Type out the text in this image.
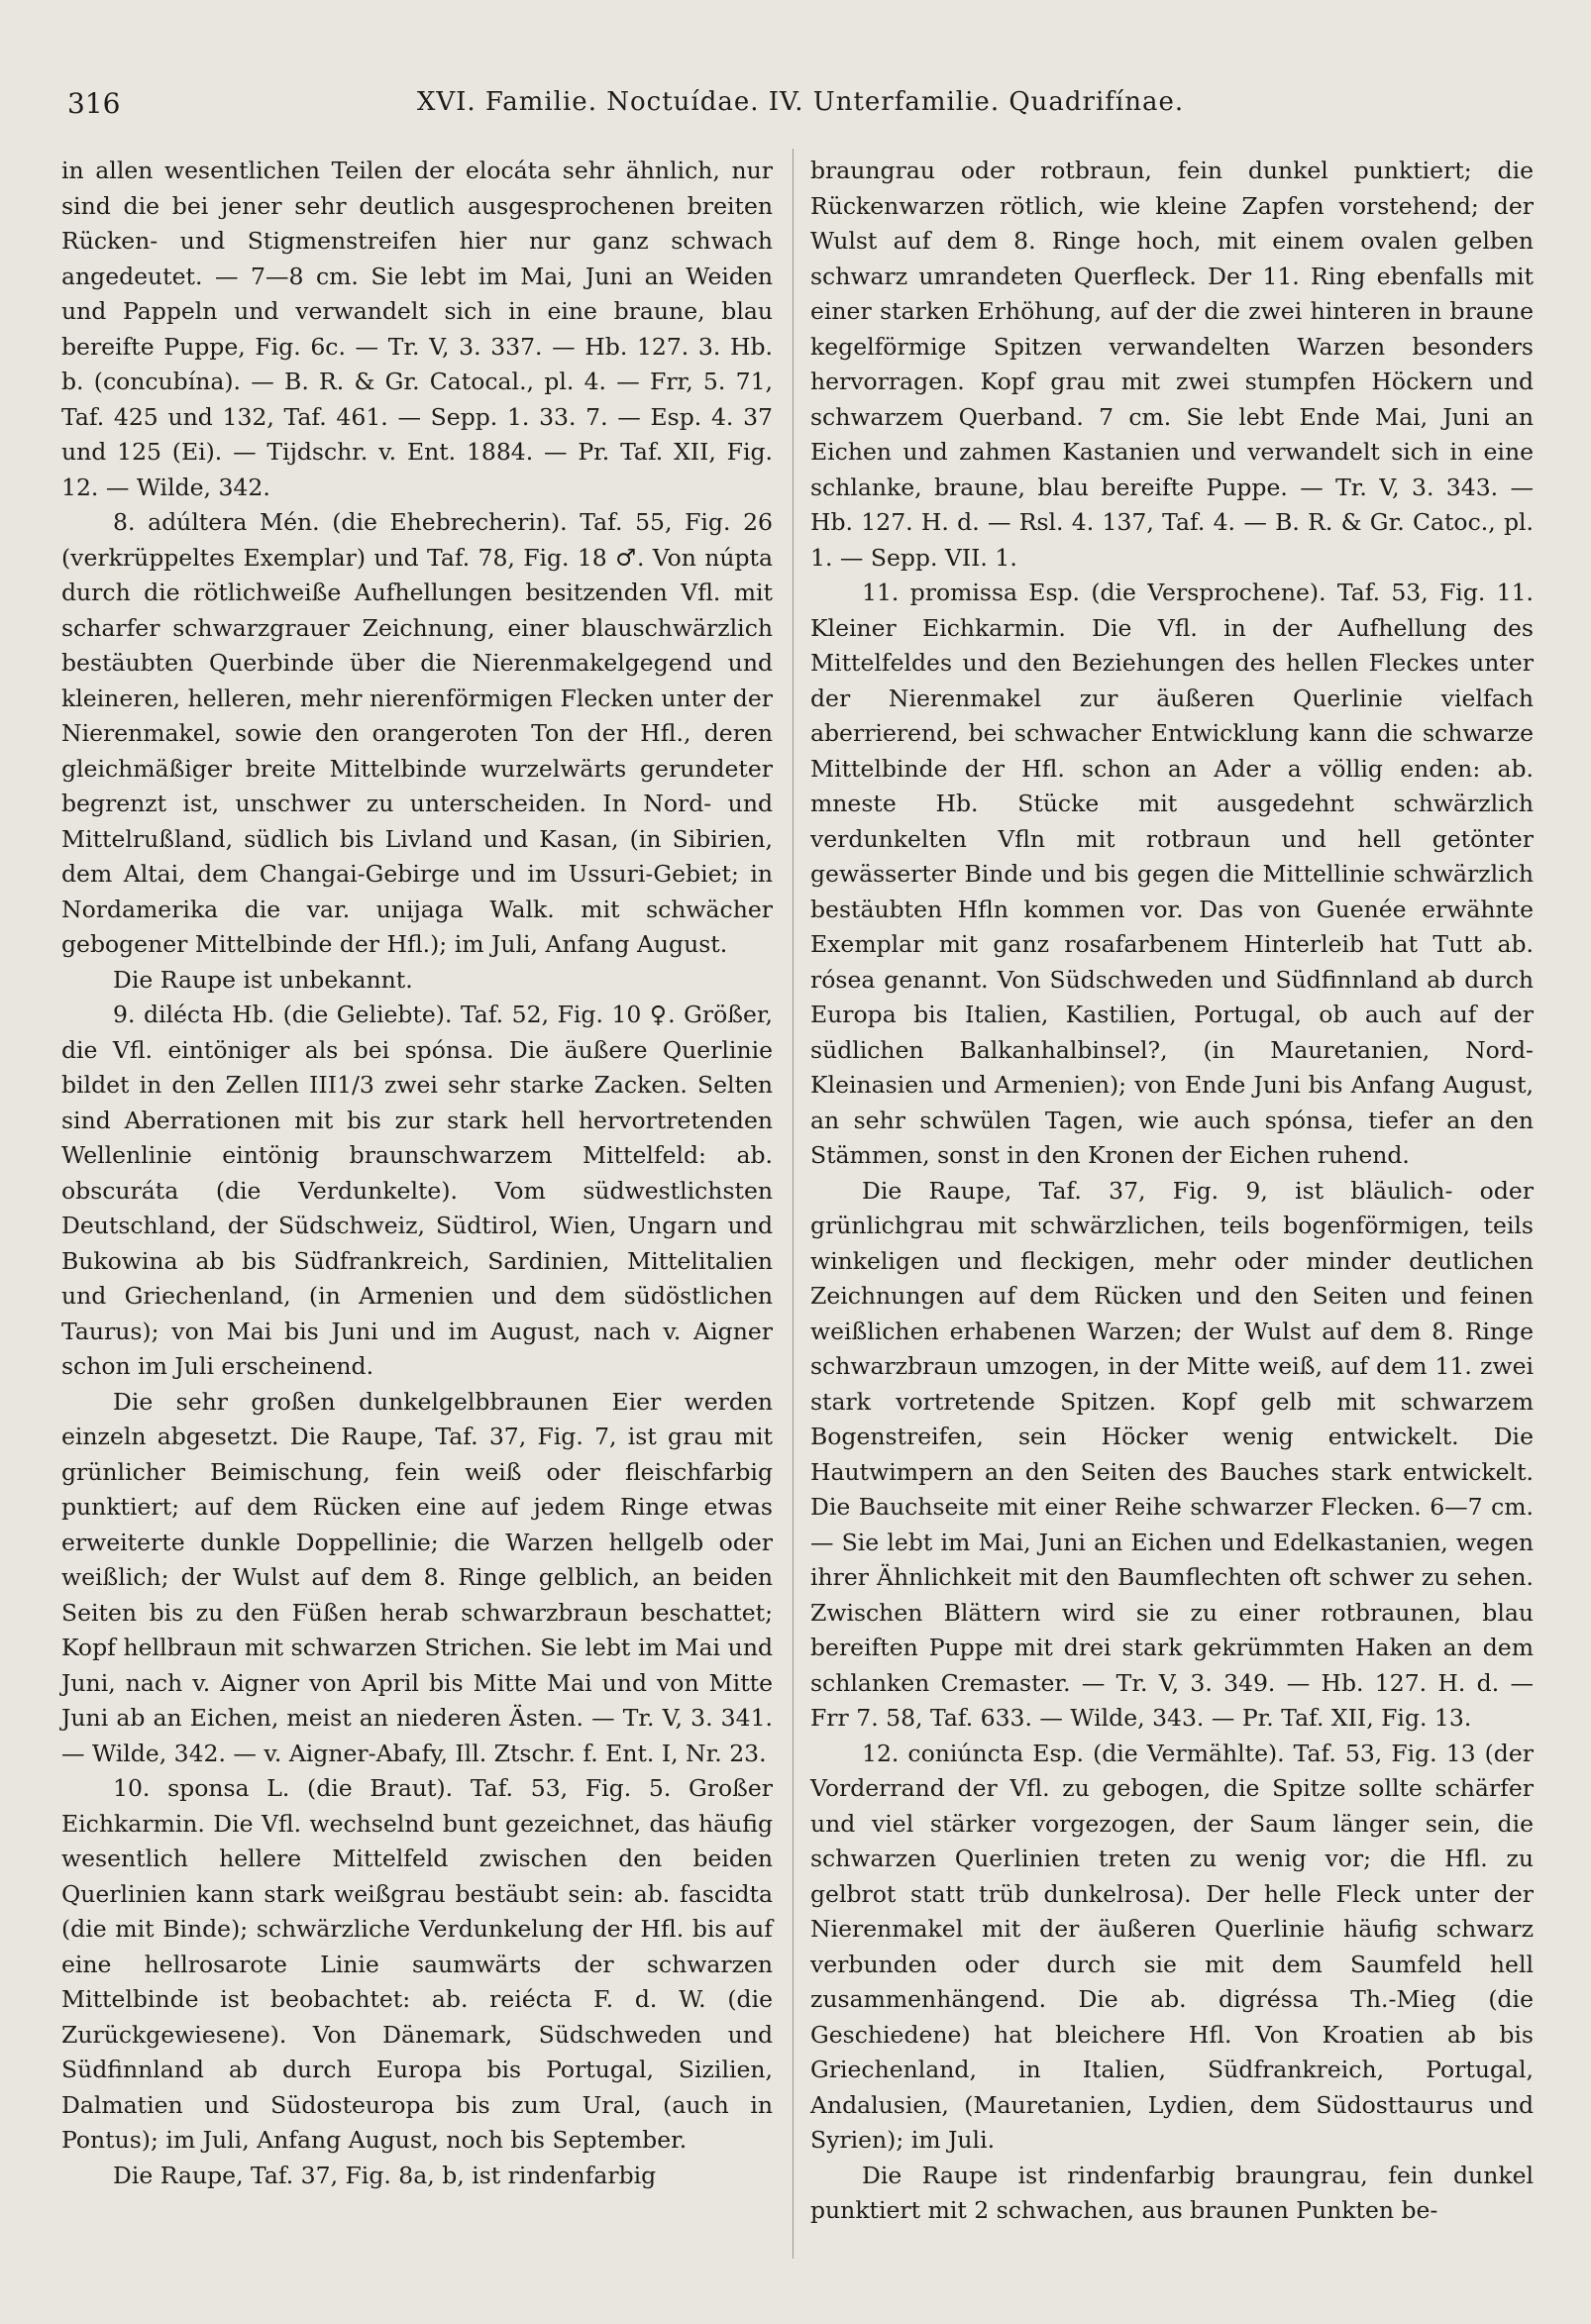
316	XVI. Familie. Noctuídae. IV. Unterfamilie. Quadrifínae.

in allen wesentlichen Teilen der elocáta sehr ähnlich, nur sind die bei jener sehr deutlich ausgesprochenen breiten Rücken- und Stigmenstreifen hier nur ganz schwach angedeutet. — 7—8 cm. Sie lebt im Mai, Juni an Weiden und Pappeln und verwandelt sich in eine braune, blau bereifte Puppe, Fig. 6c. — Tr. V, 3. 337. — Hb. 127. 3. Hb. b. (concubína). — B. R. & Gr. Catocal., pl. 4. — Frr, 5. 71, Taf. 425 und 132, Taf. 461. — Sepp. 1. 33. 7. — Esp. 4. 37 und 125 (Ei). — Tijdschr. v. Ent. 1884. — Pr. Taf. XII, Fig. 12. — Wilde, 342.

8. adúltera Mén. (die Ehebrecherin). Taf. 55, Fig. 26 (verkrüppeltes Exemplar) und Taf. 78, Fig. 18 ♂. Von núpta durch die rötlichweiße Aufhellungen besitzenden Vfl. mit scharfer schwarzgrauer Zeichnung, einer blauschwärzlich bestäubten Querbinde über die Nierenmakelgegend und kleineren, helleren, mehr nierenförmigen Flecken unter der Nierenmakel, sowie den orangeroten Ton der Hfl., deren gleichmäßiger breite Mittelbinde wurzelwärts gerundeter begrenzt ist, unschwer zu unterscheiden. In Nord- und Mittelrußland, südlich bis Livland und Kasan, (in Sibirien, dem Altai, dem Changai-Gebirge und im Ussuri-Gebiet; in Nordamerika die var. unijaga Walk. mit schwächer gebogener Mittelbinde der Hfl.); im Juli, Anfang August.

Die Raupe ist unbekannt.

9. dilécta Hb. (die Geliebte). Taf. 52, Fig. 10 ♀. Größer, die Vfl. eintöniger als bei spónsa. Die äußere Querlinie bildet in den Zellen III1/3 zwei sehr starke Zacken. Selten sind Aberrationen mit bis zur stark hell hervortretenden Wellenlinie eintönig braunschwarzem Mittelfeld: ab. obscuráta (die Verdunkelte). Vom südwestlichsten Deutschland, der Südschweiz, Südtirol, Wien, Ungarn und Bukowina ab bis Südfrankreich, Sardinien, Mittelitalien und Griechenland, (in Armenien und dem südöstlichen Taurus); von Mai bis Juni und im August, nach v. Aigner schon im Juli erscheinend.

Die sehr großen dunkelgelbbraunen Eier werden einzeln abgesetzt. Die Raupe, Taf. 37, Fig. 7, ist grau mit grünlicher Beimischung, fein weiß oder fleischfarbig punktiert; auf dem Rücken eine auf jedem Ringe etwas erweiterte dunkle Doppellinie; die Warzen hellgelb oder weißlich; der Wulst auf dem 8. Ringe gelblich, an beiden Seiten bis zu den Füßen herab schwarzbraun beschattet; Kopf hellbraun mit schwarzen Strichen. Sie lebt im Mai und Juni, nach v. Aigner von April bis Mitte Mai und von Mitte Juni ab an Eichen, meist an niederen Ästen. — Tr. V, 3. 341. — Wilde, 342. — v. Aigner-Abafy, Ill. Ztschr. f. Ent. I, Nr. 23.

10. sponsa L. (die Braut). Taf. 53, Fig. 5. Großer Eichkarmin. Die Vfl. wechselnd bunt gezeichnet, das häufig wesentlich hellere Mittelfeld zwischen den beiden Querlinien kann stark weißgrau bestäubt sein: ab. fascidta (die mit Binde); schwärzliche Verdunkelung der Hfl. bis auf eine hellrosarote Linie saumwärts der schwarzen Mittelbinde ist beobachtet: ab. reiécta F. d. W. (die Zurückgewiesene). Von Dänemark, Südschweden und Südfinnland ab durch Europa bis Portugal, Sizilien, Dalmatien und Südosteuropa bis zum Ural, (auch in Pontus); im Juli, Anfang August, noch bis September.

Die Raupe, Taf. 37, Fig. 8a, b, ist rindenfarbig

braungrau oder rotbraun, fein dunkel punktiert; die Rückenwarzen rötlich, wie kleine Zapfen vorstehend; der Wulst auf dem 8. Ringe hoch, mit einem ovalen gelben schwarz umrandeten Querfleck. Der 11. Ring ebenfalls mit einer starken Erhöhung, auf der die zwei hinteren in braune kegelförmige Spitzen verwandelten Warzen besonders hervorragen. Kopf grau mit zwei stumpfen Höckern und schwarzem Querband. 7 cm. Sie lebt Ende Mai, Juni an Eichen und zahmen Kastanien und verwandelt sich in eine schlanke, braune, blau bereifte Puppe. — Tr. V, 3. 343. — Hb. 127. H. d. — Rsl. 4. 137, Taf. 4. — B. R. & Gr. Catoc., pl. 1. — Sepp. VII. 1.

11. promissa Esp. (die Versprochene). Taf. 53, Fig. 11. Kleiner Eichkarmin. Die Vfl. in der Aufhellung des Mittelfeldes und den Beziehungen des hellen Fleckes unter der Nierenmakel zur äußeren Querlinie vielfach aberrierend, bei schwacher Entwicklung kann die schwarze Mittelbinde der Hfl. schon an Ader a völlig enden: ab. mneste Hb. Stücke mit ausgedehnt schwärzlich verdunkelten Vfln mit rotbraun und hell getönter gewässerter Binde und bis gegen die Mittellinie schwärzlich bestäubten Hfln kommen vor. Das von Guenée erwähnte Exemplar mit ganz rosafarbenem Hinterleib hat Tutt ab. rósea genannt. Von Südschweden und Südfinnland ab durch Europa bis Italien, Kastilien, Portugal, ob auch auf der südlichen Balkanhalbinsel?, (in Mauretanien, Nord-Kleinasien und Armenien); von Ende Juni bis Anfang August, an sehr schwülen Tagen, wie auch spónsa, tiefer an den Stämmen, sonst in den Kronen der Eichen ruhend.

Die Raupe, Taf. 37, Fig. 9, ist bläulich- oder grünlichgrau mit schwärzlichen, teils bogenförmigen, teils winkeligen und fleckigen, mehr oder minder deutlichen Zeichnungen auf dem Rücken und den Seiten und feinen weißlichen erhabenen Warzen; der Wulst auf dem 8. Ringe schwarzbraun umzogen, in der Mitte weiß, auf dem 11. zwei stark vortretende Spitzen. Kopf gelb mit schwarzem Bogenstreifen, sein Höcker wenig entwickelt. Die Hautwimpern an den Seiten des Bauches stark entwickelt. Die Bauchseite mit einer Reihe schwarzer Flecken. 6—7 cm. — Sie lebt im Mai, Juni an Eichen und Edelkastanien, wegen ihrer Ähnlichkeit mit den Baumflechten oft schwer zu sehen. Zwischen Blättern wird sie zu einer rotbraunen, blau bereiften Puppe mit drei stark gekrümmten Haken an dem schlanken Cremaster. — Tr. V, 3. 349. — Hb. 127. H. d. — Frr 7. 58, Taf. 633. — Wilde, 343. — Pr. Taf. XII, Fig. 13.

12. coniúncta Esp. (die Vermählte). Taf. 53, Fig. 13 (der Vorderrand der Vfl. zu gebogen, die Spitze sollte schärfer und viel stärker vorgezogen, der Saum länger sein, die schwarzen Querlinien treten zu wenig vor; die Hfl. zu gelbrot statt trüb dunkelrosa). Der helle Fleck unter der Nierenmakel mit der äußeren Querlinie häufig schwarz verbunden oder durch sie mit dem Saumfeld hell zusammenhängend. Die ab. digréssa Th.-Mieg (die Geschiedene) hat bleichere Hfl. Von Kroatien ab bis Griechenland, in Italien, Südfrankreich, Portugal, Andalusien, (Mauretanien, Lydien, dem Südosttaurus und Syrien); im Juli.

Die Raupe ist rindenfarbig braungrau, fein dunkel punktiert mit 2 schwachen, aus braunen Punkten be-
